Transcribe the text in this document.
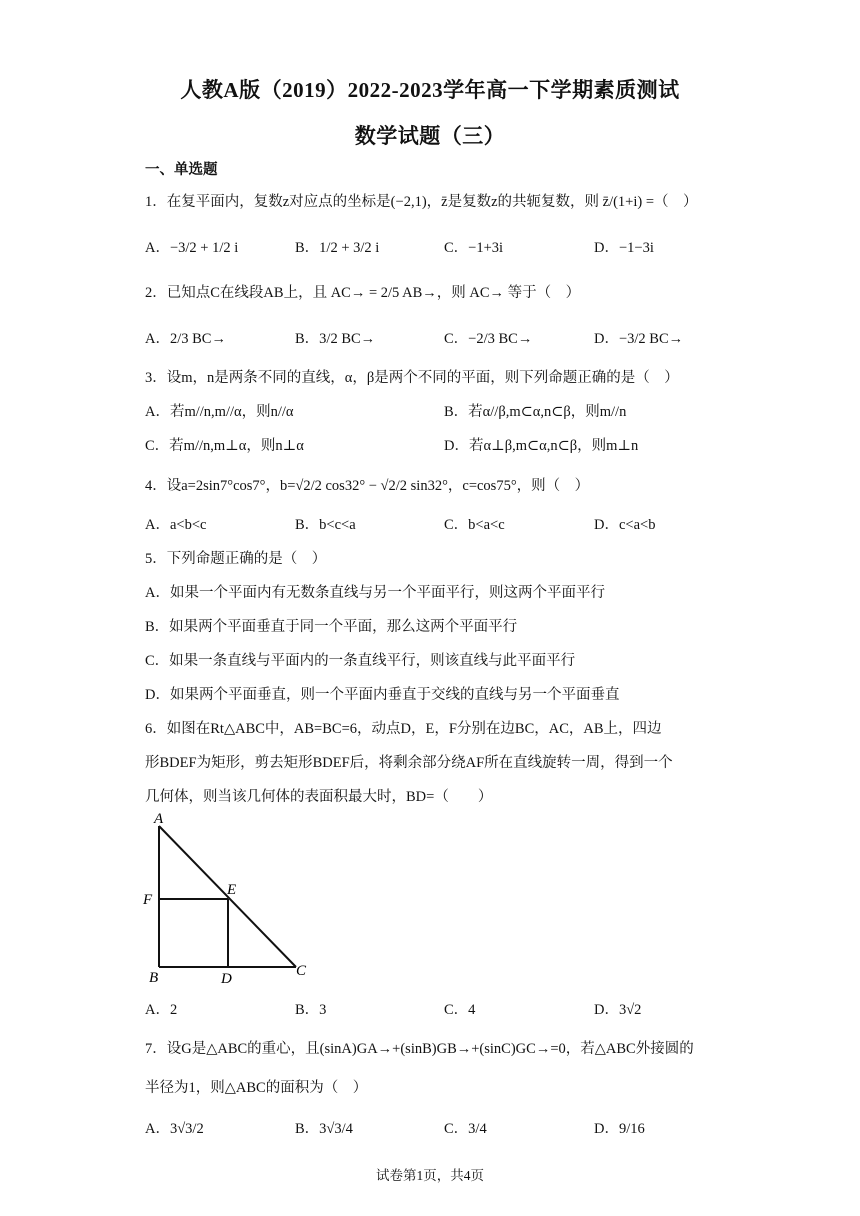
人教A版（2019）2022-2023学年高一下学期素质测试
数学试题（三）
一、单选题
1．在复平面内，复数z对应点的坐标是(−2,1)，z̄是复数z的共轭复数，则 z̄/(1+i) =（　）
A．−3/2 + 1/2 i	B．1/2 + 3/2 i	C．−1+3i	D．−1−3i
2．已知点C在线段AB上，且 AC→ = 2/5 AB→，则 AC→ 等于（　）
A．2/3 BC→	B．3/2 BC→	C．−2/3 BC→	D．−3/2 BC→
3．设m，n是两条不同的直线，α，β是两个不同的平面，则下列命题正确的是（　）
A．若m//n,m//α，则n//α	B．若α//β,m⊂α,n⊂β，则m//n
C．若m//n,m⊥α，则n⊥α	D．若α⊥β,m⊂α,n⊂β，则m⊥n
4．设a=2sin7°cos7°，b=√2/2 cos32° − √2/2 sin32°，c=cos75°，则（　）
A．a<b<c	B．b<c<a	C．b<a<c	D．c<a<b
5．下列命题正确的是（　）
A．如果一个平面内有无数条直线与另一个平面平行，则这两个平面平行
B．如果两个平面垂直于同一个平面，那么这两个平面平行
C．如果一条直线与平面内的一条直线平行，则该直线与此平面平行
D．如果两个平面垂直，则一个平面内垂直于交线的直线与另一个平面垂直
6．如图在Rt△ABC中，AB=BC=6，动点D，E，F分别在边BC，AC，AB上，四边
形BDEF为矩形，剪去矩形BDEF后，将剩余部分绕AF所在直线旋转一周，得到一个
几何体，则当该几何体的表面积最大时，BD=（　　）
A
B	C
D
E
F
A．2	B．3	C．4	D．3√2
7．设G是△ABC的重心，且(sinA)GA→+(sinB)GB→+(sinC)GC→=0，若△ABC外接圆的
半径为1，则△ABC的面积为（　）
A．3√3/2	B．3√3/4	C．3/4	D．9/16
试卷第1页，共4页
